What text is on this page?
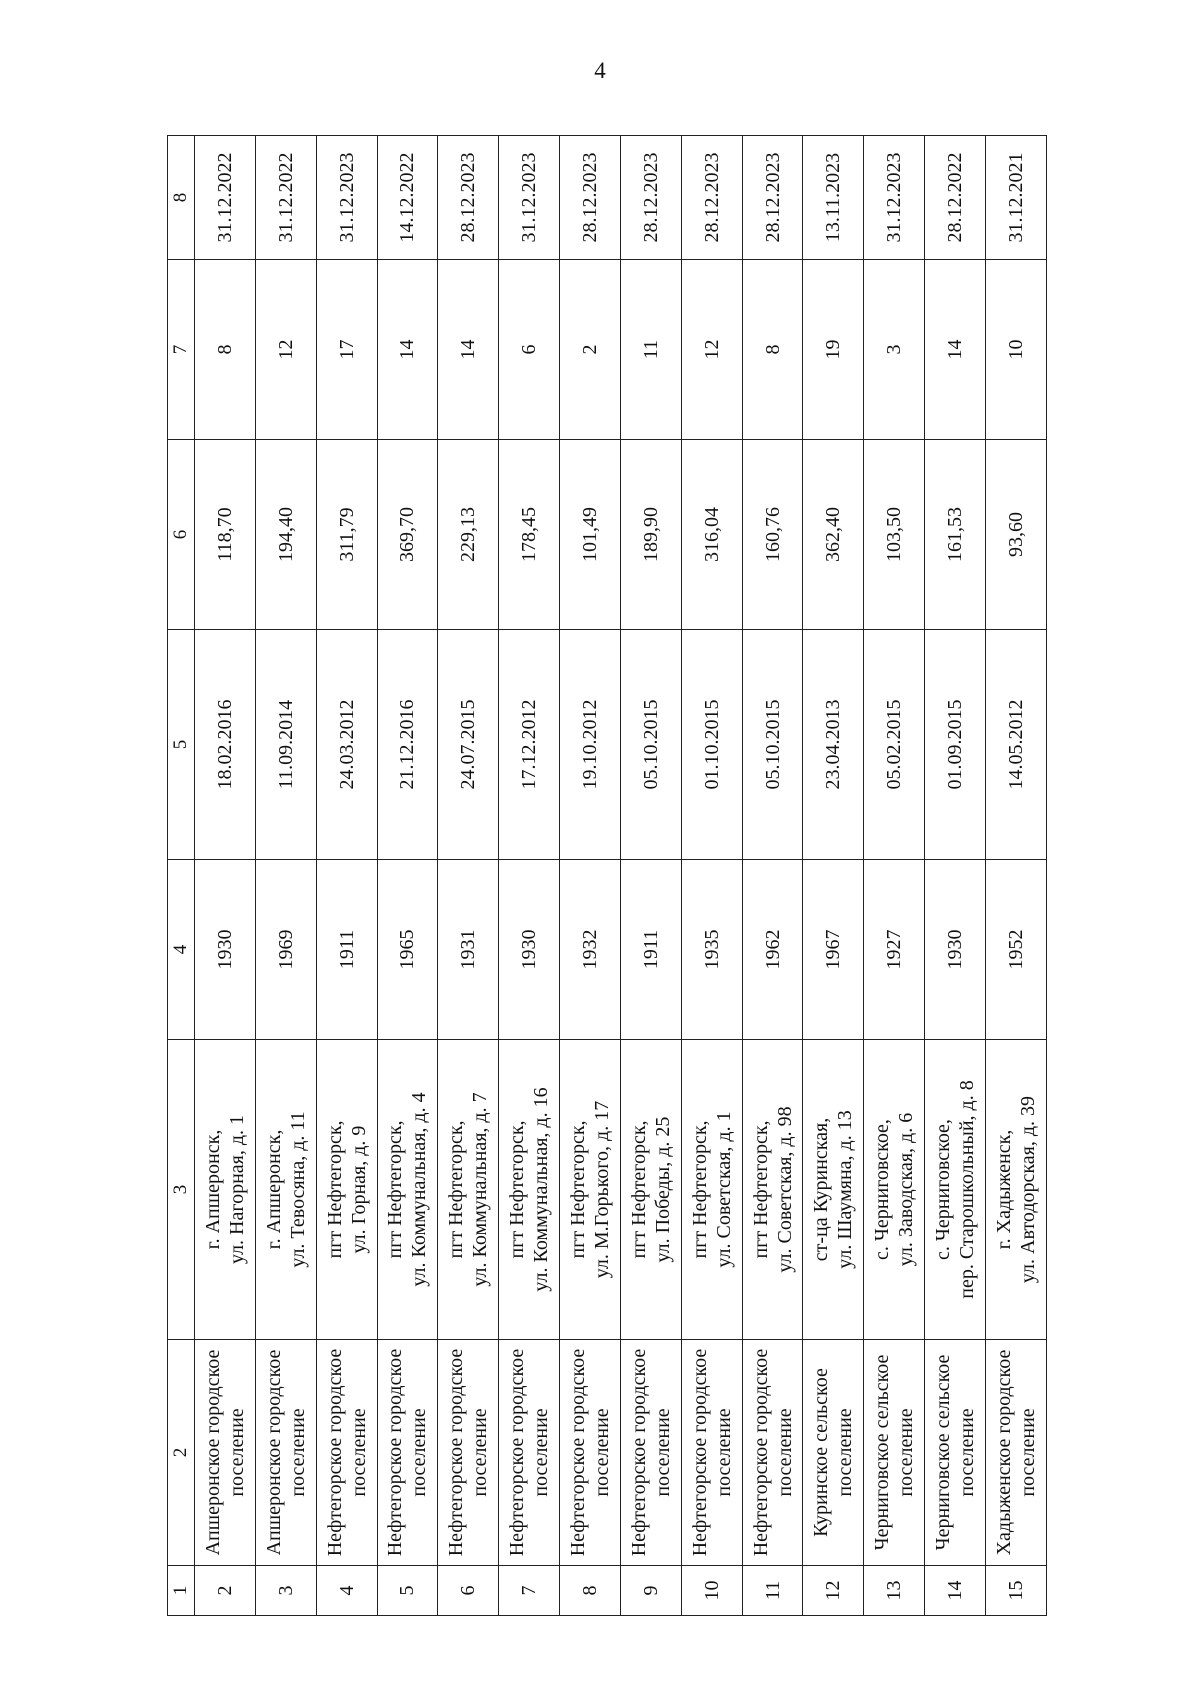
4
1	2	3	4	5	6	7	8
2	Апшеронское городское поселение	г. Апшеронск, ул. Нагорная, д. 1	1930	18.02.2016	118,70	8	31.12.2022
3	Апшеронское городское поселение	г. Апшеронск, ул. Тевосяна, д. 11	1969	11.09.2014	194,40	12	31.12.2022
4	Нефтегорское городское поселение	пгт Нефтегорск, ул. Горная, д. 9	1911	24.03.2012	311,79	17	31.12.2023
5	Нефтегорское городское поселение	пгт Нефтегорск, ул. Коммунальная, д. 4	1965	21.12.2016	369,70	14	14.12.2022
6	Нефтегорское городское поселение	пгт Нефтегорск, ул. Коммунальная, д. 7	1931	24.07.2015	229,13	14	28.12.2023
7	Нефтегорское городское поселение	пгт Нефтегорск, ул. Коммунальная, д. 16	1930	17.12.2012	178,45	6	31.12.2023
8	Нефтегорское городское поселение	пгт Нефтегорск, ул. М.Горького, д. 17	1932	19.10.2012	101,49	2	28.12.2023
9	Нефтегорское городское поселение	пгт Нефтегорск, ул. Победы, д. 25	1911	05.10.2015	189,90	11	28.12.2023
10	Нефтегорское городское поселение	пгт Нефтегорск, ул. Советская, д. 1	1935	01.10.2015	316,04	12	28.12.2023
11	Нефтегорское городское поселение	пгт Нефтегорск, ул. Советская, д. 98	1962	05.10.2015	160,76	8	28.12.2023
12	Куринское сельское поселение	ст-ца Куринская, ул. Шаумяна, д. 13	1967	23.04.2013	362,40	19	13.11.2023
13	Черниговское сельское поселение	с. Черниговское, ул. Заводская, д. 6	1927	05.02.2015	103,50	3	31.12.2023
14	Черниговское сельское поселение	с. Черниговское, пер. Старошкольный, д. 8	1930	01.09.2015	161,53	14	28.12.2022
15	Хадыженское городское поселение	г. Хадыженск, ул. Автодорская, д. 39	1952	14.05.2012	93,60	10	31.12.2021
